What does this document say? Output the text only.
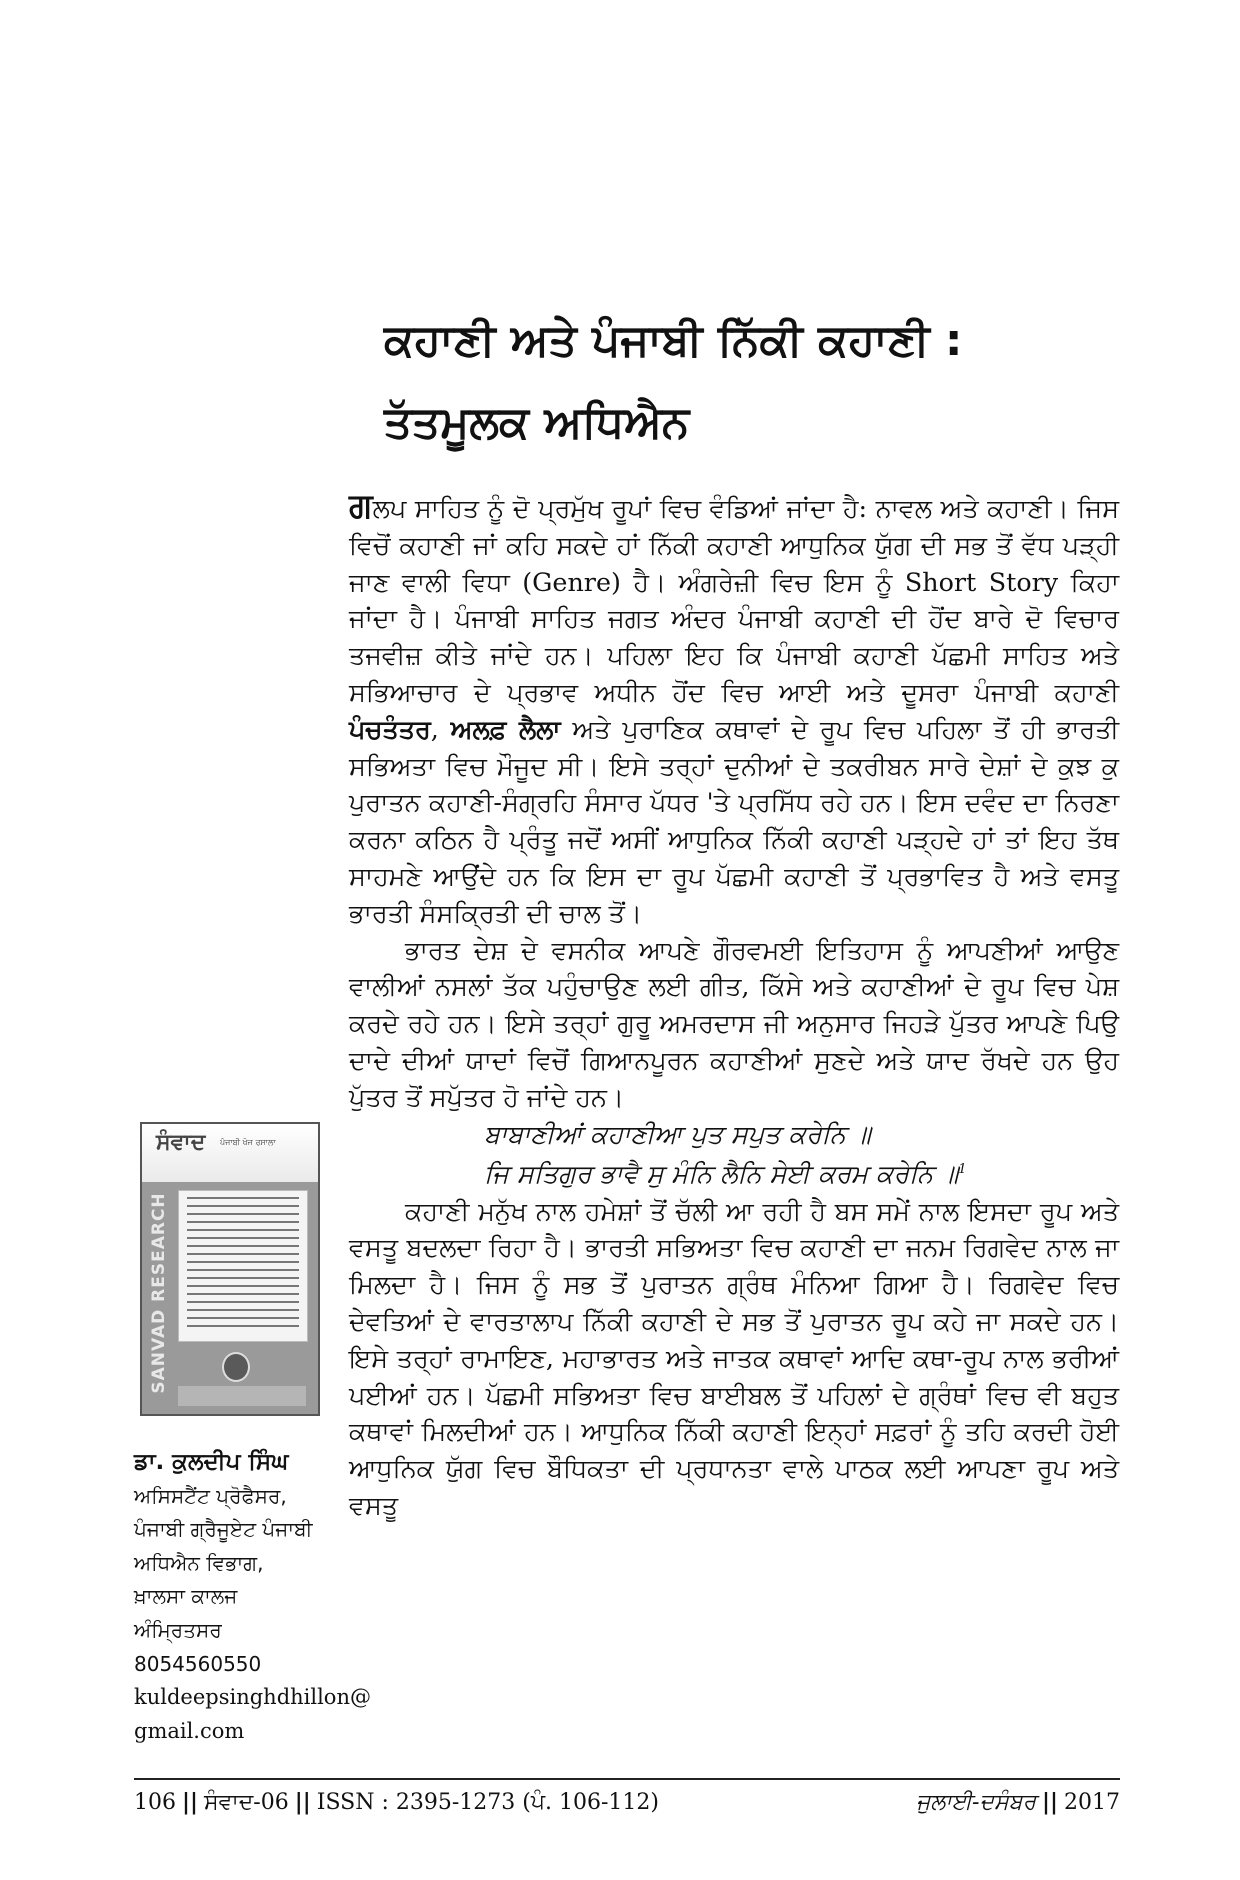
ਕਹਾਣੀ ਅਤੇ ਪੰਜਾਬੀ ਨਿੱਕੀ ਕਹਾਣੀ :
ਤੱਤਮੂਲਕ ਅਧਿਐਨ

ਗਲਪ ਸਾਹਿਤ ਨੂੰ ਦੋ ਪ੍ਰਮੁੱਖ ਰੂਪਾਂ ਵਿਚ ਵੰਡਿਆਂ ਜਾਂਦਾ ਹੈ: ਨਾਵਲ ਅਤੇ ਕਹਾਣੀ। ਜਿਸ ਵਿਚੋਂ ਕਹਾਣੀ ਜਾਂ ਕਹਿ ਸਕਦੇ ਹਾਂ ਨਿੱਕੀ ਕਹਾਣੀ ਆਧੁਨਿਕ ਯੁੱਗ ਦੀ ਸਭ ਤੋਂ ਵੱਧ ਪੜ੍ਹੀ ਜਾਣ ਵਾਲੀ ਵਿਧਾ (Genre) ਹੈ। ਅੰਗਰੇਜ਼ੀ ਵਿਚ ਇਸ ਨੂੰ Short Story ਕਿਹਾ ਜਾਂਦਾ ਹੈ। ਪੰਜਾਬੀ ਸਾਹਿਤ ਜਗਤ ਅੰਦਰ ਪੰਜਾਬੀ ਕਹਾਣੀ ਦੀ ਹੋਂਦ ਬਾਰੇ ਦੋ ਵਿਚਾਰ ਤਜਵੀਜ਼ ਕੀਤੇ ਜਾਂਦੇ ਹਨ। ਪਹਿਲਾ ਇਹ ਕਿ ਪੰਜਾਬੀ ਕਹਾਣੀ ਪੱਛਮੀ ਸਾਹਿਤ ਅਤੇ ਸਭਿਆਚਾਰ ਦੇ ਪ੍ਰਭਾਵ ਅਧੀਨ ਹੋਂਦ ਵਿਚ ਆਈ ਅਤੇ ਦੂਸਰਾ ਪੰਜਾਬੀ ਕਹਾਣੀ ਪੰਚਤੰਤਰ, ਅਲਫ਼ ਲੈਲਾ ਅਤੇ ਪੁਰਾਣਿਕ ਕਥਾਵਾਂ ਦੇ ਰੂਪ ਵਿਚ ਪਹਿਲਾ ਤੋਂ ਹੀ ਭਾਰਤੀ ਸਭਿਅਤਾ ਵਿਚ ਮੌਜੂਦ ਸੀ। ਇਸੇ ਤਰ੍ਹਾਂ ਦੁਨੀਆਂ ਦੇ ਤਕਰੀਬਨ ਸਾਰੇ ਦੇਸ਼ਾਂ ਦੇ ਕੁਝ ਕੁ ਪੁਰਾਤਨ ਕਹਾਣੀ-ਸੰਗ੍ਰਹਿ ਸੰਸਾਰ ਪੱਧਰ 'ਤੇ ਪ੍ਰਸਿੱਧ ਰਹੇ ਹਨ। ਇਸ ਦਵੰਦ ਦਾ ਨਿਰਣਾ ਕਰਨਾ ਕਠਿਨ ਹੈ ਪ੍ਰੰਤੂ ਜਦੋਂ ਅਸੀਂ ਆਧੁਨਿਕ ਨਿੱਕੀ ਕਹਾਣੀ ਪੜ੍ਹਦੇ ਹਾਂ ਤਾਂ ਇਹ ਤੱਥ ਸਾਹਮਣੇ ਆਉਂਦੇ ਹਨ ਕਿ ਇਸ ਦਾ ਰੂਪ ਪੱਛਮੀ ਕਹਾਣੀ ਤੋਂ ਪ੍ਰਭਾਵਿਤ ਹੈ ਅਤੇ ਵਸਤੂ ਭਾਰਤੀ ਸੰਸਕ੍ਰਿਤੀ ਦੀ ਚਾਲ ਤੋਂ।

ਭਾਰਤ ਦੇਸ਼ ਦੇ ਵਸਨੀਕ ਆਪਣੇ ਗੌਰਵਮਈ ਇਤਿਹਾਸ ਨੂੰ ਆਪਣੀਆਂ ਆਉਣ ਵਾਲੀਆਂ ਨਸਲਾਂ ਤੱਕ ਪਹੁੰਚਾਉਣ ਲਈ ਗੀਤ, ਕਿੱਸੇ ਅਤੇ ਕਹਾਣੀਆਂ ਦੇ ਰੂਪ ਵਿਚ ਪੇਸ਼ ਕਰਦੇ ਰਹੇ ਹਨ। ਇਸੇ ਤਰ੍ਹਾਂ ਗੁਰੂ ਅਮਰਦਾਸ ਜੀ ਅਨੁਸਾਰ ਜਿਹੜੇ ਪੁੱਤਰ ਆਪਣੇ ਪਿਉ ਦਾਦੇ ਦੀਆਂ ਯਾਦਾਂ ਵਿਚੋਂ ਗਿਆਨਪੂਰਨ ਕਹਾਣੀਆਂ ਸੁਣਦੇ ਅਤੇ ਯਾਦ ਰੱਖਦੇ ਹਨ ਉਹ ਪੁੱਤਰ ਤੋਂ ਸਪੁੱਤਰ ਹੋ ਜਾਂਦੇ ਹਨ।

ਬਾਬਾਣੀਆਂ ਕਹਾਣੀਆ ਪੁਤ ਸਪੁਤ ਕਰੇਨਿ ॥

ਜਿ ਸਤਿਗੁਰ ਭਾਵੈ ਸੁ ਮੰਨਿ ਲੈਨਿ ਸੇਈ ਕਰਮ ਕਰੇਨਿ ॥$^1$

ਕਹਾਣੀ ਮਨੁੱਖ ਨਾਲ ਹਮੇਸ਼ਾਂ ਤੋਂ ਚੱਲੀ ਆ ਰਹੀ ਹੈ ਬਸ ਸਮੇਂ ਨਾਲ ਇਸਦਾ ਰੂਪ ਅਤੇ ਵਸਤੂ ਬਦਲਦਾ ਰਿਹਾ ਹੈ। ਭਾਰਤੀ ਸਭਿਅਤਾ ਵਿਚ ਕਹਾਣੀ ਦਾ ਜਨਮ ਰਿਗਵੇਦ ਨਾਲ ਜਾ ਮਿਲਦਾ ਹੈ। ਜਿਸ ਨੂੰ ਸਭ ਤੋਂ ਪੁਰਾਤਨ ਗ੍ਰੰਥ ਮੰਨਿਆ ਗਿਆ ਹੈ। ਰਿਗਵੇਦ ਵਿਚ ਦੇਵਤਿਆਂ ਦੇ ਵਾਰਤਾਲਾਪ ਨਿੱਕੀ ਕਹਾਣੀ ਦੇ ਸਭ ਤੋਂ ਪੁਰਾਤਨ ਰੂਪ ਕਹੇ ਜਾ ਸਕਦੇ ਹਨ। ਇਸੇ ਤਰ੍ਹਾਂ ਰਾਮਾਇਣ, ਮਹਾਭਾਰਤ ਅਤੇ ਜਾਤਕ ਕਥਾਵਾਂ ਆਦਿ ਕਥਾ-ਰੂਪ ਨਾਲ ਭਰੀਆਂ ਪਈਆਂ ਹਨ। ਪੱਛਮੀ ਸਭਿਅਤਾ ਵਿਚ ਬਾਈਬਲ ਤੋਂ ਪਹਿਲਾਂ ਦੇ ਗ੍ਰੰਥਾਂ ਵਿਚ ਵੀ ਬਹੁਤ ਕਥਾਵਾਂ ਮਿਲਦੀਆਂ ਹਨ। ਆਧੁਨਿਕ ਨਿੱਕੀ ਕਹਾਣੀ ਇਨ੍ਹਾਂ ਸਫ਼ਰਾਂ ਨੂੰ ਤਹਿ ਕਰਦੀ ਹੋਈ ਆਧੁਨਿਕ ਯੁੱਗ ਵਿਚ ਬੌਧਿਕਤਾ ਦੀ ਪ੍ਰਧਾਨਤਾ ਵਾਲੇ ਪਾਠਕ ਲਈ ਆਪਣਾ ਰੂਪ ਅਤੇ ਵਸਤੂ

ਸੰਵਾਦ ਪੰਜਾਬੀ ਖੋਜ ਰਸਾਲਾ
SANVAD RESEARCH
ਡਾ. ਕੁਲਦੀਪ ਸਿੰਘ
ਅਸਿਸਟੈਂਟ ਪ੍ਰੋਫੈਸਰ,
ਪੰਜਾਬੀ ਗ੍ਰੈਜੂਏਟ ਪੰਜਾਬੀ
ਅਧਿਐਨ ਵਿਭਾਗ,
ਖ਼ਾਲਸਾ ਕਾਲਜ
ਅੰਮ੍ਰਿਤਸਰ
8054560550
kuldeepsinghdhillon@
gmail.com
106 || ਸੰਵਾਦ-06 || ISSN : 2395-1273 (ਪੰ. 106-112)	ਜੁਲਾਈ-ਦਸੰਬਰ || 2017
